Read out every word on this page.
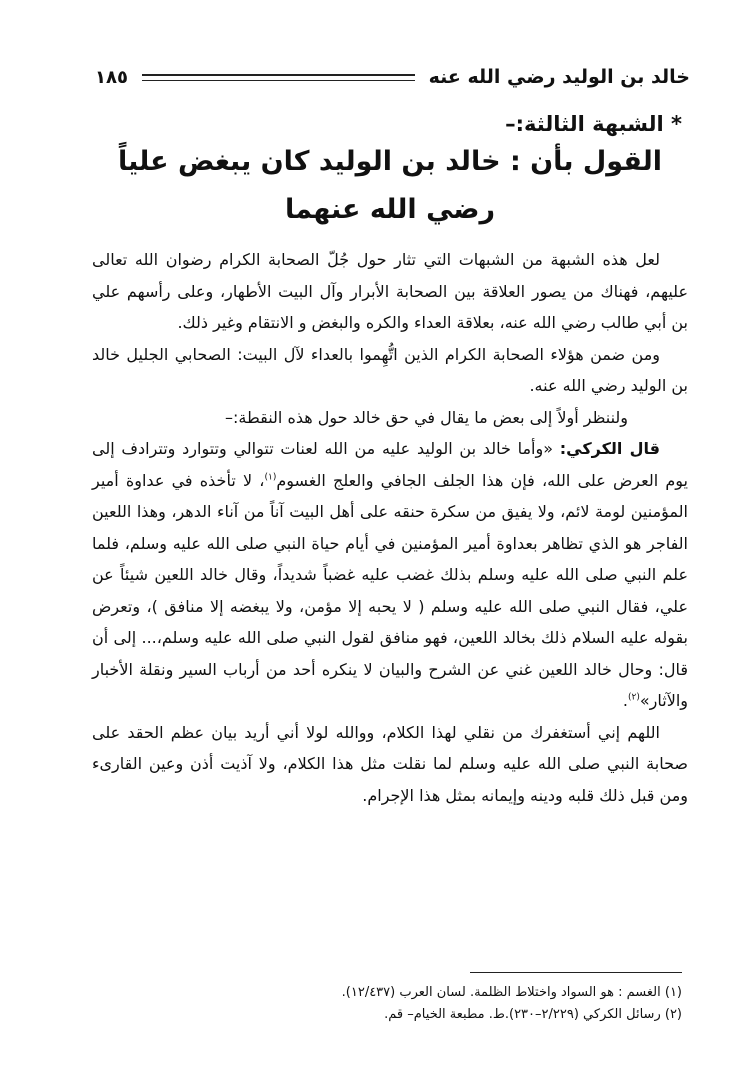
خالد بن الوليد رضي الله عنه
١٨٥
* الشبهة الثالثة:–
القول بأن : خالد بن الوليد كان يبغض علياً
رضي الله عنهما

لعل هذه الشبهة من الشبهات التي تثار حول جُلّ الصحابة الكرام رضوان الله تعالى عليهم، فهناك من يصور العلاقة بين الصحابة الأبرار وآل البيت الأطهار، وعلى رأسهم علي بن أبي طالب رضي الله عنه، بعلاقة العداء والكره والبغض و الانتقام وغير ذلك.

ومن ضمن هؤلاء الصحابة الكرام الذين اتُّهِموا بالعداء لآل البيت: الصحابي الجليل خالد بن الوليد رضي الله عنه.

ولننظر أولاً إلى بعض ما يقال في حق خالد حول هذه النقطة:–

قال الكركي: «وأما خالد بن الوليد عليه من الله لعنات تتوالي وتتوارد وتترادف إلى يوم العرض على الله، فإن هذا الجلف الجافي والعلج الغسوم$^{(١)}$، لا تأخذه في عداوة أمير المؤمنين لومة لائم، ولا يفيق من سكرة حنقه على أهل البيت آناً من آناء الدهر، وهذا اللعين الفاجر هو الذي تظاهر بعداوة أمير المؤمنين في أيام حياة النبي صلى الله عليه وسلم، فلما علم النبي صلى الله عليه وسلم بذلك غضب عليه غضباً شديداً، وقال خالد اللعين شيئاً عن علي، فقال النبي صلى الله عليه وسلم ( لا يحبه إلا مؤمن، ولا يبغضه إلا منافق )، وتعرض بقوله عليه السلام ذلك بخالد اللعين، فهو منافق لقول النبي صلى الله عليه وسلم،... إلى أن قال: وحال خالد اللعين غني عن الشرح والبيان لا ينكره أحد من أرباب السير ونقلة الأخبار والآثار»$^{(٢)}$.

اللهم إني أستغفرك من نقلي لهذا الكلام، ووالله لولا أني أريد بيان عظم الحقد على صحابة النبي صلى الله عليه وسلم لما نقلت مثل هذا الكلام، ولا آذيت أذن وعين القارىء ومن قبل ذلك قلبه ودينه وإيمانه بمثل هذا الإجرام.

(١) الغسم : هو السواد واختلاط الظلمة. لسان العرب (١٢/٤٣٧).

(٢) رسائل الكركي (٢/٢٢٩–٢٣٠).ط. مطبعة الخيام– قم.
